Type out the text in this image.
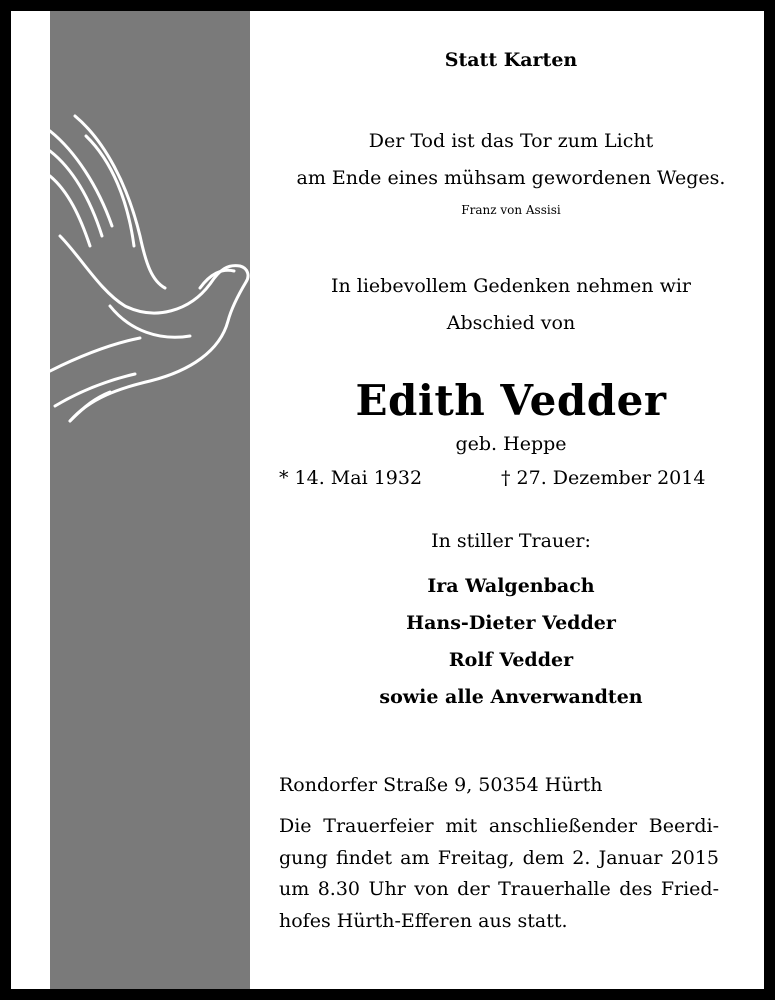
Statt Karten
Der Tod ist das Tor zum Licht
am Ende eines mühsam gewordenen Weges.
Franz von Assisi
In liebevollem Gedenken nehmen wir
Abschied von
Edith Vedder
geb. Heppe
* 14. Mai 1932	† 27. Dezember 2014
In stiller Trauer:
Ira Walgenbach
Hans-Dieter Vedder
Rolf Vedder
sowie alle Anverwandten
Rondorfer Straße 9, 50354 Hürth
Die Trauerfeier mit anschließender Beerdi-
gung findet am Freitag, dem 2. Januar 2015
um 8.30 Uhr von der Trauerhalle des Fried-
hofes Hürth-Efferen aus statt.
